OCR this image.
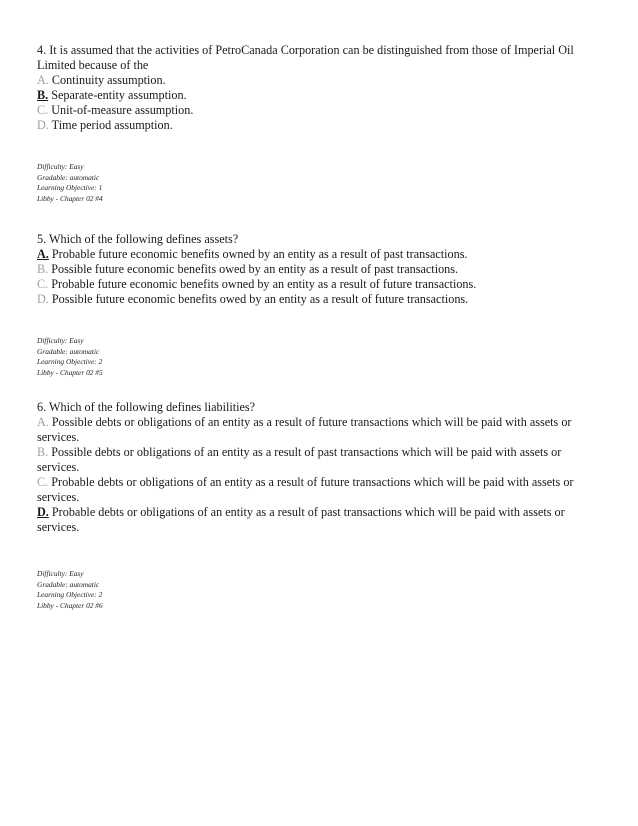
4. It is assumed that the activities of PetroCanada Corporation can be distinguished from those of Imperial Oil Limited because of the

A. Continuity assumption.

B. Separate-entity assumption.

C. Unit-of-measure assumption.

D. Time period assumption.

Difficulty: Easy
Gradable: automatic
Learning Objective: 1
Libby - Chapter 02 #4

5. Which of the following defines assets?

A. Probable future economic benefits owned by an entity as a result of past transactions.

B. Possible future economic benefits owed by an entity as a result of past transactions.

C. Probable future economic benefits owned by an entity as a result of future transactions.

D. Possible future economic benefits owed by an entity as a result of future transactions.

Difficulty: Easy
Gradable: automatic
Learning Objective: 2
Libby - Chapter 02 #5

6. Which of the following defines liabilities?

A. Possible debts or obligations of an entity as a result of future transactions which will be paid with assets or services.

B. Possible debts or obligations of an entity as a result of past transactions which will be paid with assets or services.

C. Probable debts or obligations of an entity as a result of future transactions which will be paid with assets or services.

D. Probable debts or obligations of an entity as a result of past transactions which will be paid with assets or services.

Difficulty: Easy
Gradable: automatic
Learning Objective: 2
Libby - Chapter 02 #6
